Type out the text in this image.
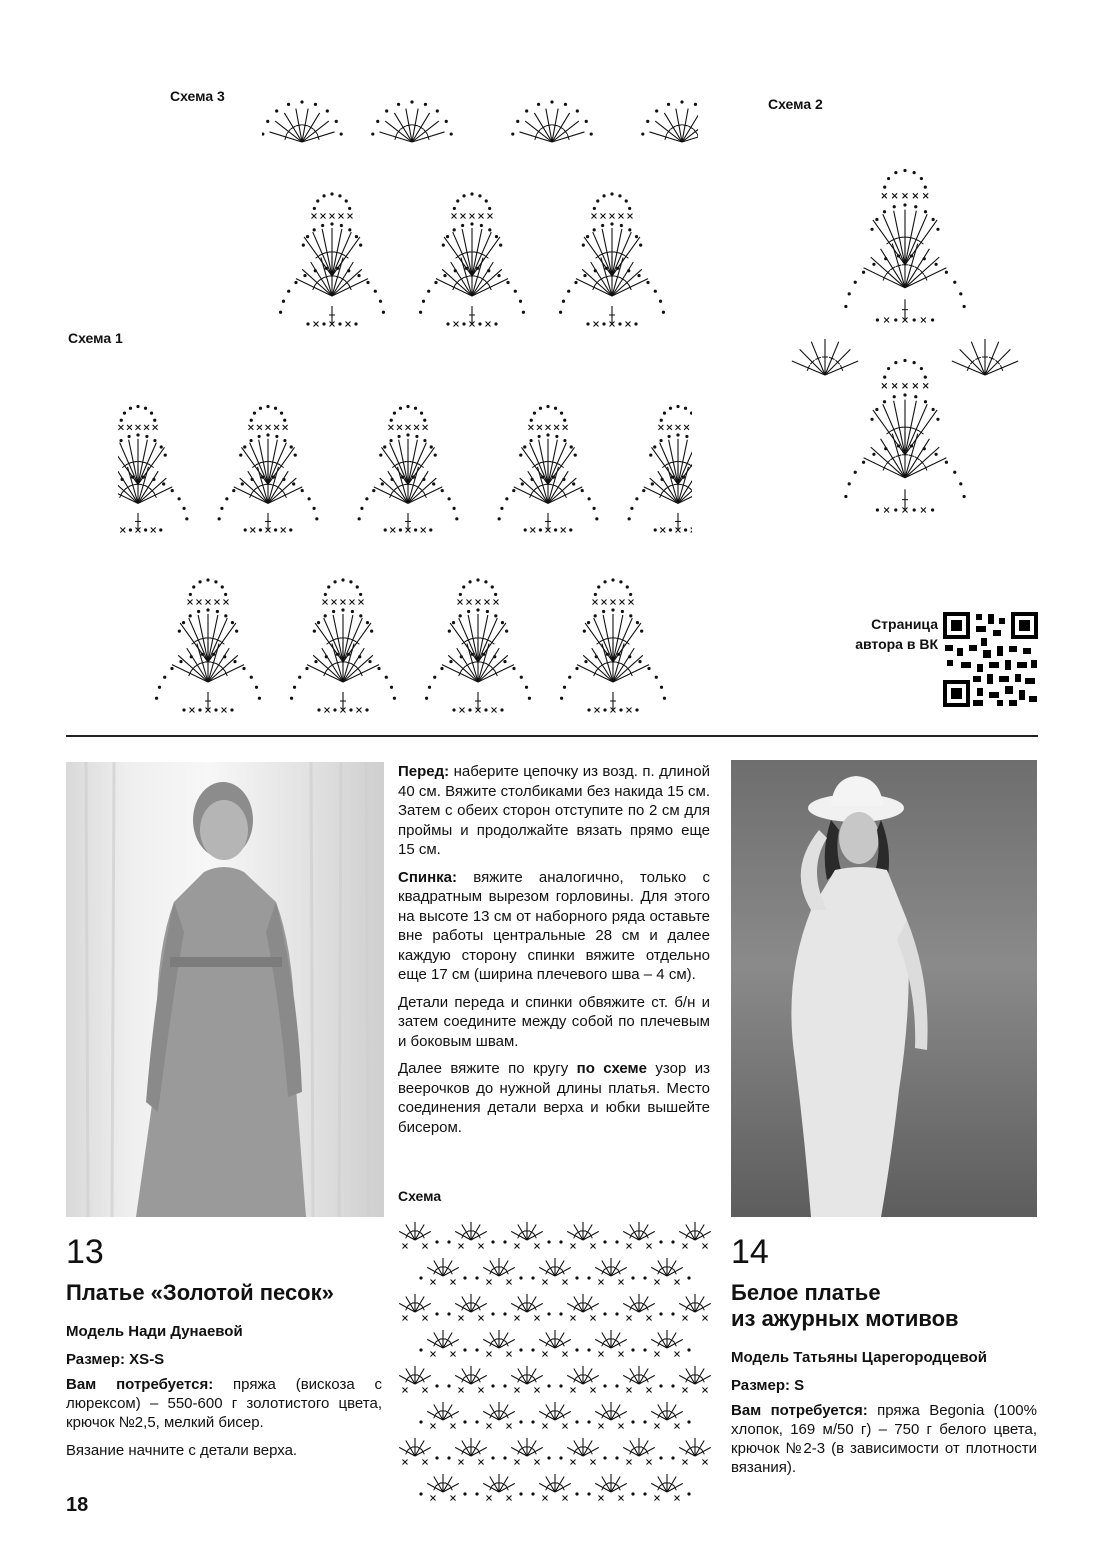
Схема 3	Схема 2
Схема 1
Схема
Страница
автора в ВК

Перед: наберите цепочку из возд. п. длиной 40 см. Вяжите столбиками без накида 15 см. Затем с обеих сторон отступите по 2 см для проймы и продолжайте вязать прямо еще 15 см.

Спинка: вяжите аналогично, только с квадратным вырезом горловины. Для этого на высоте 13 см от наборного ряда оставьте вне работы центральные 28 см и далее каждую сторону спинки вяжите отдельно еще 17 см (ширина плечевого шва – 4 см).

Детали переда и спинки обвяжите ст. б/н и затем соедините между собой по плечевым и боковым швам.

Далее вяжите по кругу по схеме узор из веерочков до нужной длины платья. Место соединения детали верха и юбки вышейте бисером.

13
Платье «Золотой песок»
Модель Нади Дунаевой
Размер: XS-S
Вам потребуется: пряжа (вискоза с люрексом) – 550-600 г золотистого цвета, крючок №2,5, мелкий бисер.
Вязание начните с детали верха.
14
Белое платье
из ажурных мотивов
Модель Татьяны Царегородцевой
Размер: S
Вам потребуется: пряжа Begonia (100% хлопок, 169 м/50 г) – 750 г белого цвета, крючок №2-3 (в зависимости от плотности вязания).
18
